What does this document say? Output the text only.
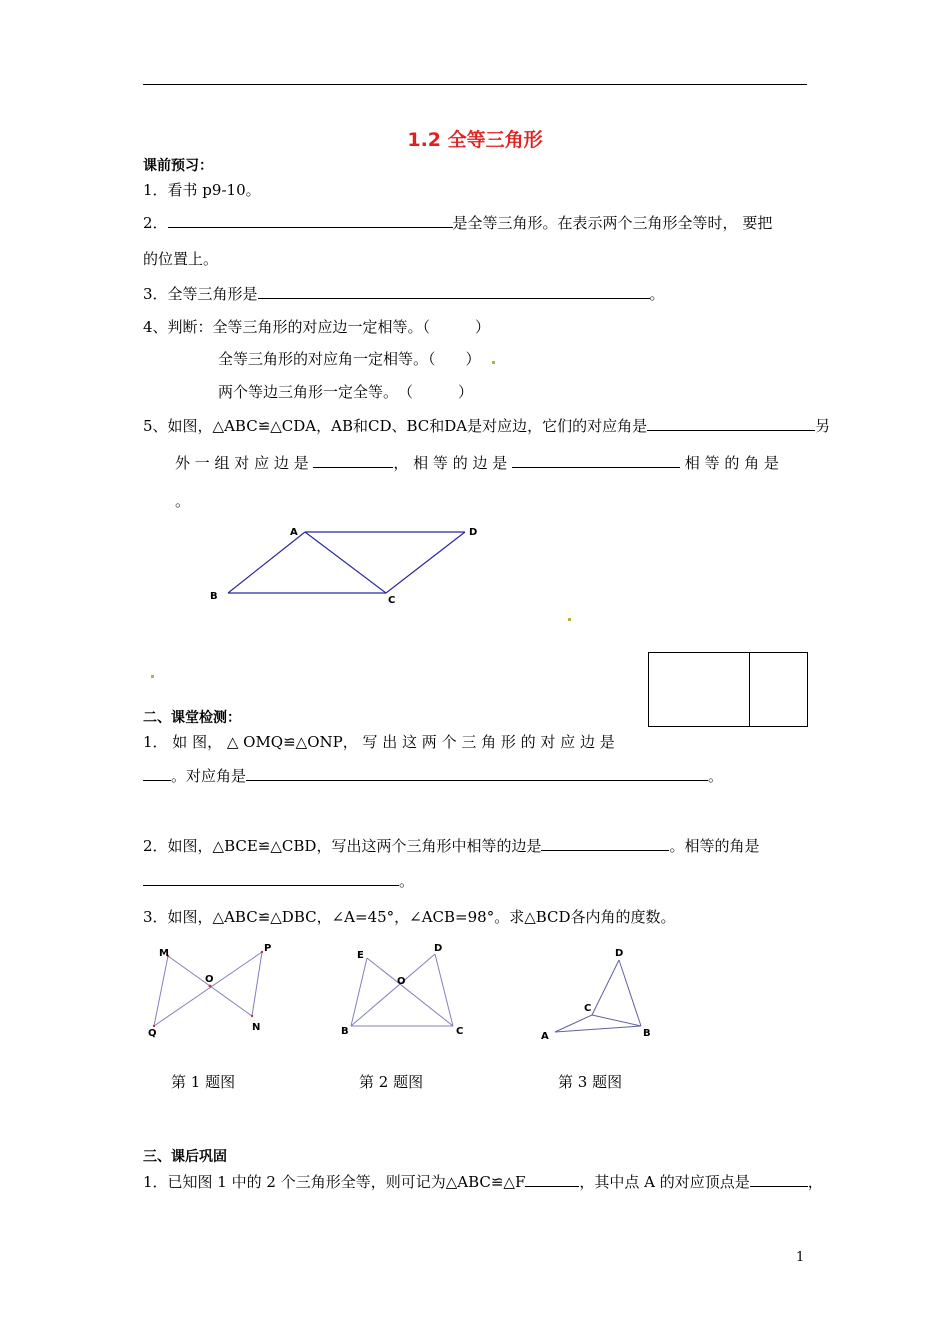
1.2 全等三角形
课前预习：
1．看书 p9-10。
2．	是全等三角形。在表示两个三角形全等时， 要把
的位置上。
3．全等三角形是	。
4、判断：全等三角形的对应边一定相等。（　　　）
全等三角形的对应角一定相等。（　　）
两个等边三角形一定全等。　（　　　）
5、如图，△ABC≌△CDA，AB和CD、BC和DA是对应边，它们的对应角是	另
外 一 组 对 应 边 是	， 相 等 的 边 是	相 等 的 角 是
。
A	D
B	C
二、课堂检测：
1． 如 图， △ OMQ≌△ONP， 写 出 这 两 个 三 角 形 的 对 应 边 是
。对应角是	。
2．如图，△BCE≌△CBD，写出这两个三角形中相等的边是	。相等的角是
。
3．如图，△ABC≌△DBC，∠A=45°，∠ACB=98°。求△BCD各内角的度数。
M	P
O
Q
N
E
D
O
B	C
D
C
A	B
第 1 题图	第 2 题图	第 3 题图
三、课后巩固
1．已知图 1 中的 2 个三角形全等，则可记为△ABC≌△F	，其中点 A 的对应顶点是	，
1
